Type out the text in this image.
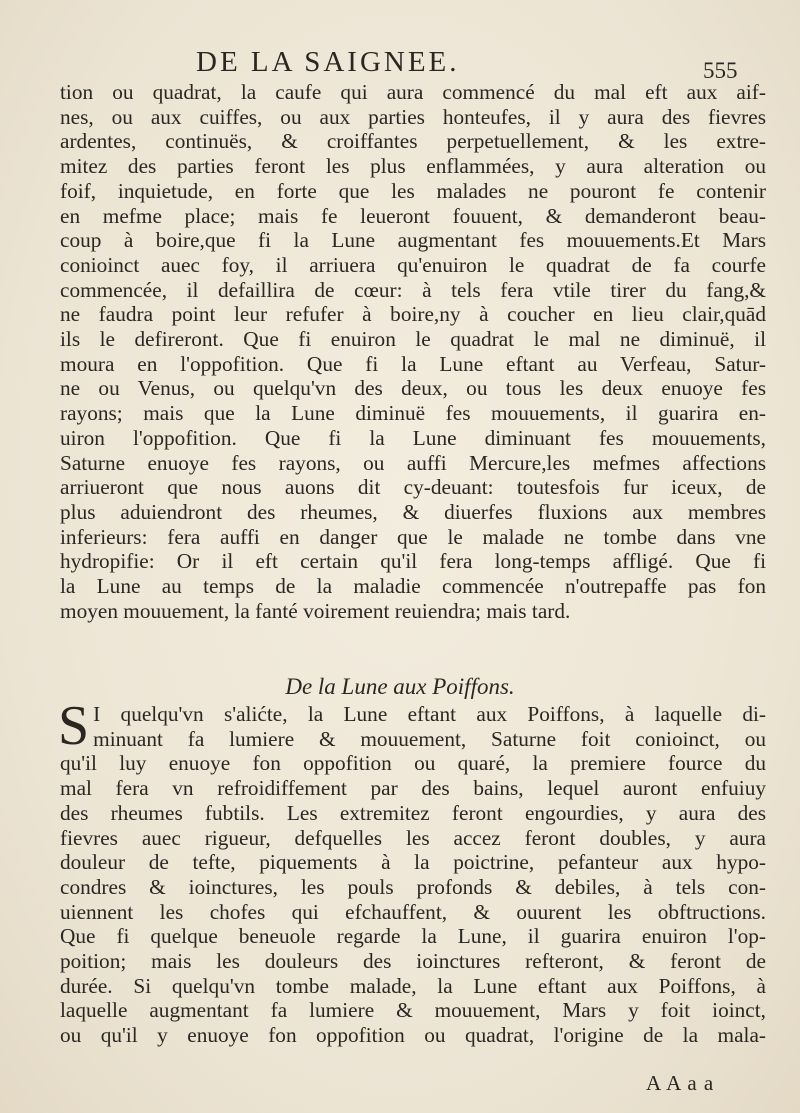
DE LA SAIGNEE.	555
tion ou quadrat, la caufe qui aura commencé du mal eft aux aif-
nes, ou aux cuiffes, ou aux parties honteufes, il y aura des fievres
ardentes, continuës, & croiffantes perpetuellement, & les extre-
mitez des parties feront les plus enflammées, y aura alteration ou
foif, inquietude, en forte que les malades ne pouront fe contenir
en mefme place; mais fe leueront fouuent, & demanderont beau-
coup à boire,que fi la Lune augmentant fes mouuements.Et Mars
conioinct auec foy, il arriuera qu'enuiron le quadrat de fa courfe
commencée, il defaillira de cœur: à tels fera vtile tirer du fang,&
ne faudra point leur refufer à boire,ny à coucher en lieu clair,quād
ils le defireront. Que fi enuiron le quadrat le mal ne diminuë, il
moura en l'oppofition. Que fi la Lune eftant au Verfeau, Satur-
ne ou Venus, ou quelqu'vn des deux, ou tous les deux enuoye fes
rayons; mais que la Lune diminuë fes mouuements, il guarira en-
uiron l'oppofition. Que fi la Lune diminuant fes mouuements,
Saturne enuoye fes rayons, ou auffi Mercure,les mefmes affections
arriueront que nous auons dit cy-deuant: toutesfois fur iceux, de
plus aduiendront des rheumes, & diuerfes fluxions aux membres
inferieurs: fera auffi en danger que le malade ne tombe dans vne
hydropifie: Or il eft certain qu'il fera long-temps affligé. Que fi
la Lune au temps de la maladie commencée n'outrepaffe pas fon
moyen mouuement, la fanté voirement reuiendra; mais tard.
De la Lune aux Poiffons.
S I quelqu'vn s'alićte, la Lune eftant aux Poiffons, à laquelle di-
minuant fa lumiere & mouuement, Saturne foit conioinct, ou
qu'il luy enuoye fon oppofition ou quaré, la premiere fource du
mal fera vn refroidiffement par des bains, lequel auront enfuiuy
des rheumes fubtils. Les extremitez feront engourdies, y aura des
fievres auec rigueur, defquelles les accez feront doubles, y aura
douleur de tefte, piquements à la poictrine, pefanteur aux hypo-
condres & ioinctures, les pouls profonds & debiles, à tels con-
uiennent les chofes qui efchauffent, & ouurent les obftructions.
Que fi quelque beneuole regarde la Lune, il guarira enuiron l'op-
poition; mais les douleurs des ioinctures refteront, & feront de
durée. Si quelqu'vn tombe malade, la Lune eftant aux Poiffons, à
laquelle augmentant fa lumiere & mouuement, Mars y foit ioinct,
ou qu'il y enuoye fon oppofition ou quadrat, l'origine de la mala-
A A a a
